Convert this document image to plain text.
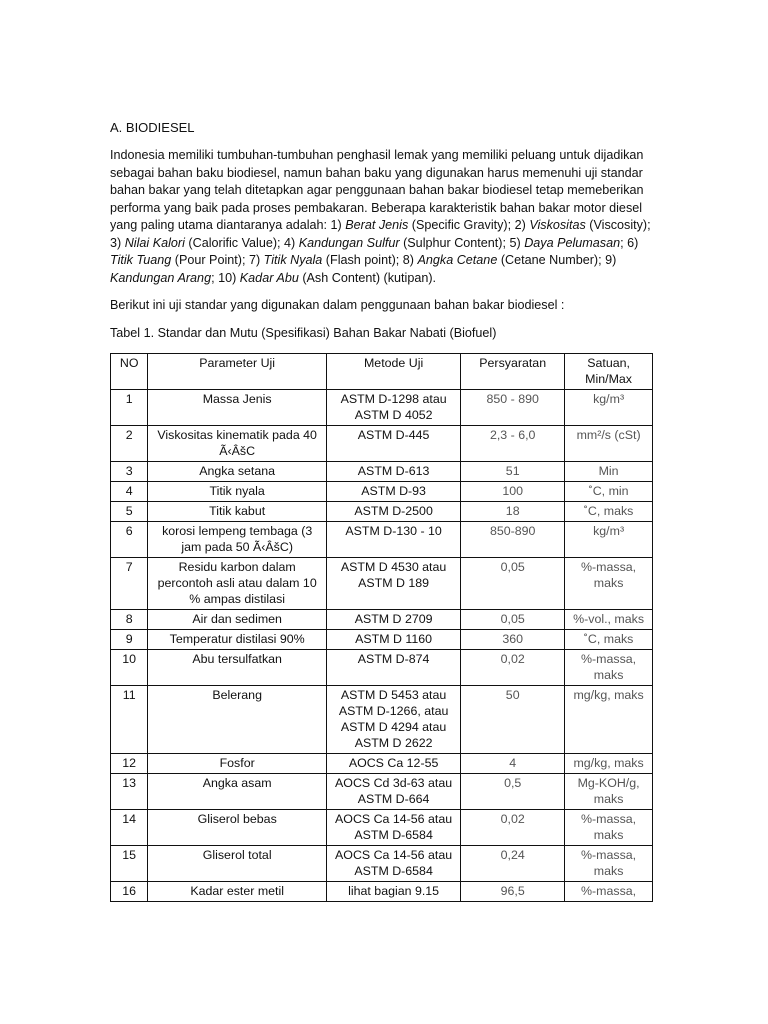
A. BIODIESEL
Indonesia memiliki tumbuhan-tumbuhan penghasil lemak yang memiliki peluang untuk dijadikan sebagai bahan baku biodiesel, namun bahan baku yang digunakan harus memenuhi uji standar bahan bakar yang telah ditetapkan agar penggunaan bahan bakar biodiesel tetap memeberikan performa yang baik pada proses pembakaran. Beberapa karakteristik bahan bakar motor diesel yang paling utama diantaranya adalah: 1) Berat Jenis (Specific Gravity); 2) Viskositas (Viscosity); 3) Nilai Kalori (Calorific Value); 4) Kandungan Sulfur (Sulphur Content); 5) Daya Pelumasan; 6) Titik Tuang (Pour Point); 7) Titik Nyala (Flash point); 8) Angka Cetane (Cetane Number); 9) Kandungan Arang; 10) Kadar Abu (Ash Content) (kutipan).
Berikut ini uji standar yang digunakan dalam penggunaan bahan bakar biodiesel :
Tabel 1. Standar dan Mutu (Spesifikasi) Bahan Bakar Nabati (Biofuel)
NO	Parameter Uji	Metode Uji	Persyaratan	Satuan, Min/Max
1	Massa Jenis	ASTM D-1298 atau ASTM D 4052	850 - 890	kg/m³
2	Viskositas kinematik pada 40 Ã‹ÂšC	ASTM D-445	2,3 - 6,0	mm²/s (cSt)
3	Angka setana	ASTM D-613	51	Min
4	Titik nyala	ASTM D-93	100	˚C, min
5	Titik kabut	ASTM D-2500	18	˚C, maks
6	korosi lempeng tembaga (3 jam pada 50 Ã‹ÂšC)	ASTM D-130 - 10	850-890	kg/m³
7	Residu karbon dalam percontoh asli atau dalam 10 % ampas distilasi	ASTM D 4530 atau ASTM D 189	0,05	%-massa, maks
8	Air dan sedimen	ASTM D 2709	0,05	%-vol., maks
9	Temperatur distilasi 90%	ASTM D 1160	360	˚C, maks
10	Abu tersulfatkan	ASTM D-874	0,02	%-massa, maks
11	Belerang	ASTM D 5453 atau ASTM D-1266, atau ASTM D 4294 atau ASTM D 2622	50	mg/kg, maks
12	Fosfor	AOCS Ca 12-55	4	mg/kg, maks
13	Angka asam	AOCS Cd 3d-63 atau ASTM D-664	0,5	Mg-KOH/g, maks
14	Gliserol bebas	AOCS Ca 14-56 atau ASTM D-6584	0,02	%-massa, maks
15	Gliserol total	AOCS Ca 14-56 atau ASTM D-6584	0,24	%-massa, maks
16	Kadar ester metil	lihat bagian 9.15	96,5	%-massa,
